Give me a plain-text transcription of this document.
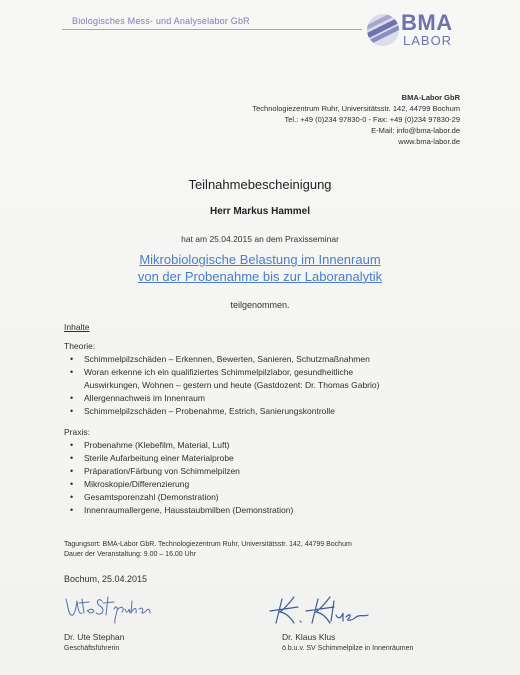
Biologisches Mess- und Analyselabor GbR	BMA
LABOR
BMA-Labor GbR
Technologiezentrum Ruhr, Universitätsstr. 142, 44799 Bochum
Tel.: +49 (0)234 97830-0 - Fax: +49 (0)234 97830-29
E-Mail: info@bma-labor.de
www.bma-labor.de
Teilnahmebescheinigung
Herr Markus Hammel
hat am 25.04.2015 an dem Praxisseminar
Mikrobiologische Belastung im Innenraum
von der Probenahme bis zur Laboranalytik
teilgenommen.
Inhalte
Theorie:
• Schimmelpilzschäden – Erkennen, Bewerten, Sanieren, Schutzmaßnahmen
• Woran erkenne ich ein qualifiziertes Schimmelpilzlabor, gesundheitliche
Auswirkungen, Wohnen – gestern und heute (Gastdozent: Dr. Thomas Gabrio)
• Allergennachweis im Innenraum
• Schimmelpilzschäden – Probenahme, Estrich, Sanierungskontrolle
Praxis:
• Probenahme (Klebefilm, Material, Luft)
• Sterile Aufarbeitung einer Materialprobe
• Präparation/Färbung von Schimmelpilzen
• Mikroskopie/Differenzierung
• Gesamtsporenzahl (Demonstration)
• Innenraumallergene, Hausstaubmilben (Demonstration)
Tagungsort: BMA-Labor GbR. Technologiezentrum Ruhr, Universitätsstr. 142, 44799 Bochum
Dauer der Veranstaltung: 9.00 – 16.00 Uhr
Bochum, 25.04.2015
Dr. Ute Stephan
Geschäftsführerin
Dr. Klaus Klus
ö.b.u.v. SV Schimmelpilze in Innenräumen
